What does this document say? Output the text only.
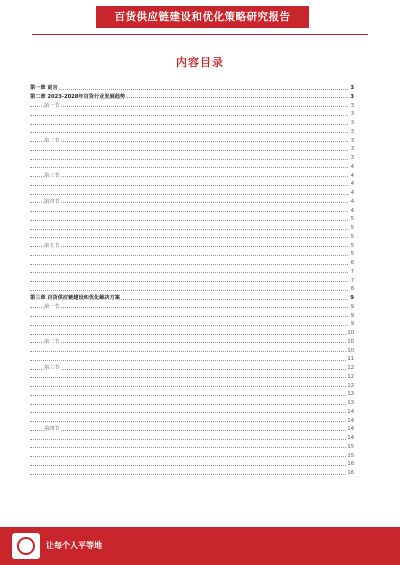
百货供应链建设和优化策略研究报告
内容目录
第一章 前言	3
第二章 2023-2028年百货行业发展趋势	3
第一节	3
3
3
3
第二节	3
3
3
4
第三节	4
4
4
第四节	4
4
5
5
5
第五节	5
5
6
7
7
8
第三章 百货供应链建设和优化解决方案	9
第一节	9
9
9
10
第二节	10
10
11
第三节	12
12
12
13
13
14
14
第四节	14
14
15
15
16
16
让每个人平等地
